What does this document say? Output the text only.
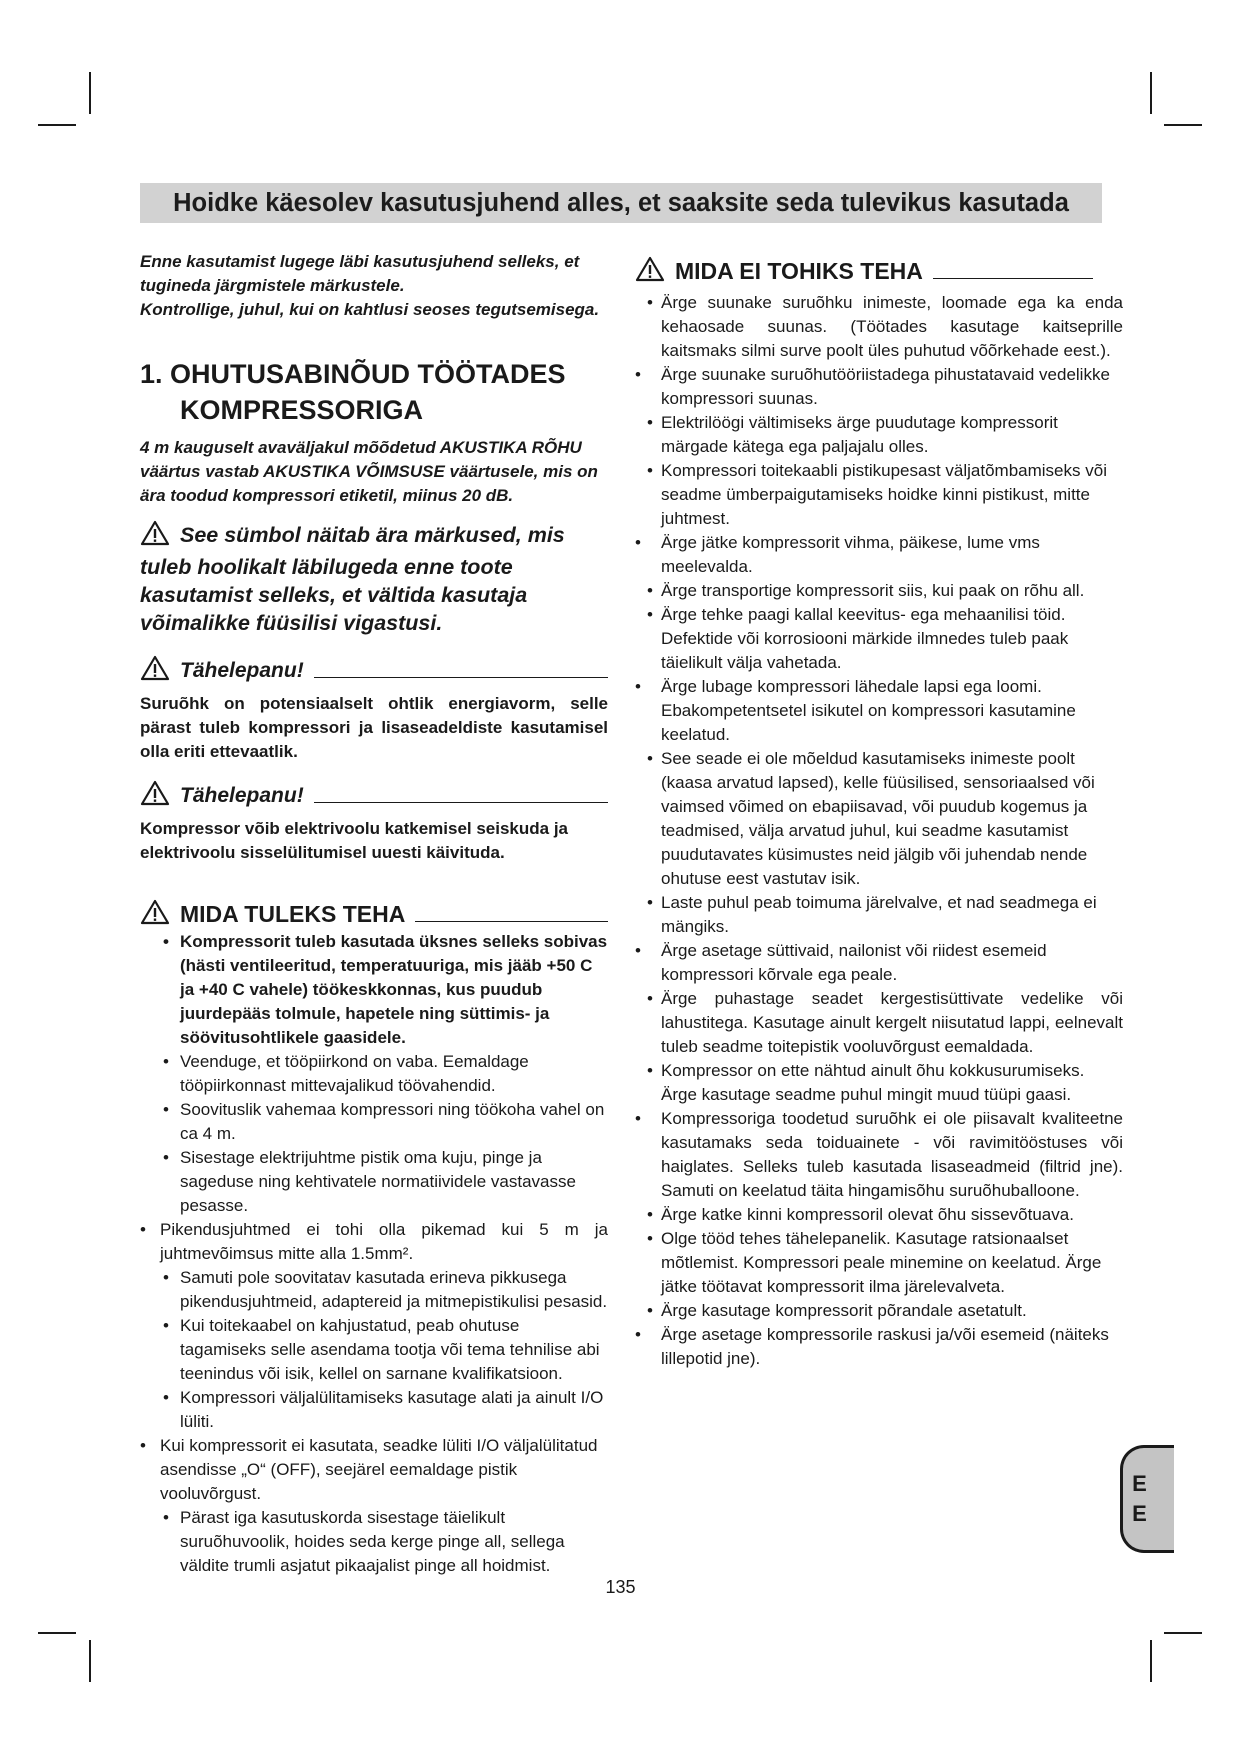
Hoidke käesolev kasutusjuhend alles, et saaksite seda tulevikus kasutada

Enne kasutamist lugege läbi kasutusjuhend selleks, et tugineda järgmistele märkustele.

Kontrollige, juhul, kui on kahtlusi seoses tegutsemisega.

1. OHUTUSABINÕUD TÖÖTADES
KOMPRESSORIGA

4 m kauguselt avaväljakul mõõdetud AKUSTIKA RÕHU väärtus vastab AKUSTIKA VÕIMSUSE väärtusele, mis on ära toodud kompressori etiketil, miinus 20 dB.

See sümbol näitab ära märkused, mis tuleb hoolikalt läbilugeda enne toote kasutamist selleks, et vältida kasutaja võimalikke füüsilisi vigastusi.

Tähelepanu!

Suruõhk on potensiaalselt ohtlik energiavorm, selle pärast tuleb kompressori ja lisaseadeldiste kasutamisel olla eriti ettevaatlik.

Tähelepanu!

Kompressor võib elektrivoolu katkemisel seiskuda ja elektrivoolu sisselülitumisel uuesti käivituda.

MIDA TULEKS TEHA
• Kompressorit tuleb kasutada üksnes selleks sobivas (hästi ventileeritud, temperatuuriga, mis jääb +50 C ja +40 C vahele) töökeskkonnas, kus puudub juurdepääs tolmule, hapetele ning süttimis- ja söövitusohtlikele gaasidele.
• Veenduge, et tööpiirkond on vaba. Eemaldage tööpiirkonnast mittevajalikud töövahendid.
• Soovituslik vahemaa kompressori ning töökoha vahel on ca 4 m.
• Sisestage elektrijuhtme pistik oma kuju, pinge ja sageduse ning kehtivatele normatiividele vastavasse pesasse.
• Pikendusjuhtmed ei tohi olla pikemad kui 5 m ja juhtmevõimsus mitte alla 1.5mm².
• Samuti pole soovitatav kasutada erineva pikkusega pikendusjuhtmeid, adaptereid ja mitmepistikulisi pesasid.
• Kui toitekaabel on kahjustatud, peab ohutuse tagamiseks selle asendama tootja või tema tehnilise abi teenindus või isik, kellel on sarnane kvalifikatsioon.
• Kompressori väljalülitamiseks kasutage alati ja ainult I/O lüliti.
• Kui kompressorit ei kasutata, seadke lüliti I/O väljalülitatud asendisse „O“ (OFF), seejärel eemaldage pistik vooluvõrgust.
• Pärast iga kasutuskorda sisestage täielikult suruõhuvoolik, hoides seda kerge pinge all, sellega väldite trumli asjatut pikaajalist pinge all hoidmist.
MIDA EI TOHIKS TEHA
• Ärge suunake suruõhku inimeste, loomade ega ka enda kehaosade suunas. (Töötades kasutage kaitseprille kaitsmaks silmi surve poolt üles puhutud võõrkehade eest.).
• Ärge suunake suruõhutööriistadega pihustatavaid vedelikke kompressori suunas.
• Elektrilöögi vältimiseks ärge puudutage kompressorit märgade kätega ega paljajalu olles.
• Kompressori toitekaabli pistikupesast väljatõmbamiseks või seadme ümberpaigutamiseks hoidke kinni pistikust, mitte juhtmest.
• Ärge jätke kompressorit vihma, päikese, lume vms meelevalda.
• Ärge transportige kompressorit siis, kui paak on rõhu all.
• Ärge tehke paagi kallal keevitus- ega mehaanilisi töid. Defektide või korrosiooni märkide ilmnedes tuleb paak täielikult välja vahetada.
• Ärge lubage kompressori lähedale lapsi ega loomi. Ebakompetentsetel isikutel on kompressori kasutamine keelatud.
• See seade ei ole mõeldud kasutamiseks inimeste poolt (kaasa arvatud lapsed), kelle füüsilised, sensoriaalsed või vaimsed võimed on ebapiisavad, või puudub kogemus ja teadmised, välja arvatud juhul, kui seadme kasutamist puudutavates küsimustes neid jälgib või juhendab nende ohutuse eest vastutav isik.
• Laste puhul peab toimuma järelvalve, et nad seadmega ei mängiks.
• Ärge asetage süttivaid, nailonist või riidest esemeid kompressori kõrvale ega peale.
• Ärge puhastage seadet kergestisüttivate vedelike või lahustitega. Kasutage ainult kergelt niisutatud lappi, eelnevalt tuleb seadme toitepistik vooluvõrgust eemaldada.
• Kompressor on ette nähtud ainult õhu kokkusurumiseks. Ärge kasutage seadme puhul mingit muud tüüpi gaasi.
• Kompressoriga toodetud suruõhk ei ole piisavalt kvaliteetne kasutamaks seda toiduainete - või ravimitööstuses või haiglates. Selleks tuleb kasutada lisaseadmeid (filtrid jne). Samuti on keelatud täita hingamisõhu suruõhuballoone.
• Ärge katke kinni kompressoril olevat õhu sissevõtuava.
• Olge tööd tehes tähelepanelik. Kasutage ratsionaalset mõtlemist. Kompressori peale minemine on keelatud. Ärge jätke töötavat kompressorit ilma järelevalveta.
• Ärge kasutage kompressorit põrandale asetatult.
• Ärge asetage kompressorile raskusi ja/või esemeid (näiteks lillepotid jne).
E
E
135
